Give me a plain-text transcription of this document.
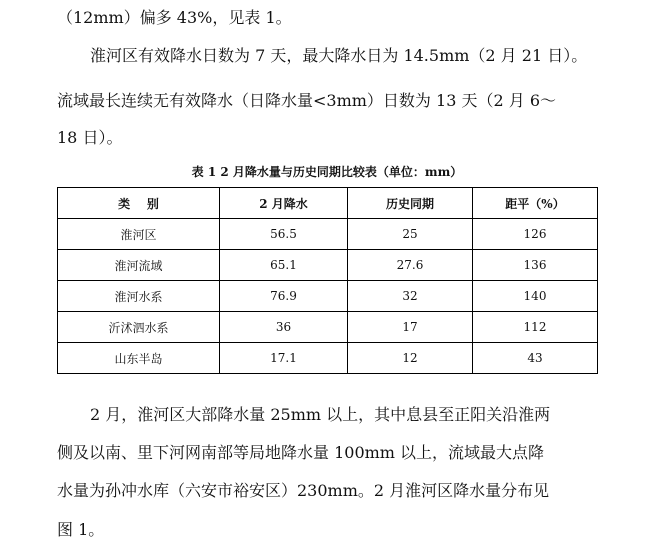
（12mm）偏多 43%，见表 1。
淮河区有效降水日数为 7 天，最大降水日为 14.5mm（2 月 21 日）。
流域最长连续无有效降水（日降水量<3mm）日数为 13 天（2 月 6～
18 日）。
表 1 2 月降水量与历史同期比较表（单位：mm）
类    别	2 月降水	历史同期	距平（%）
淮河区	56.5	25	126
淮河流域	65.1	27.6	136
淮河水系	76.9	32	140
沂沭泗水系	36	17	112
山东半岛	17.1	12	43
2 月，淮河区大部降水量 25mm 以上，其中息县至正阳关沿淮两
侧及以南、里下河网南部等局地降水量 100mm 以上，流域最大点降
水量为孙冲水库（六安市裕安区）230mm。2 月淮河区降水量分布见
图 1。
